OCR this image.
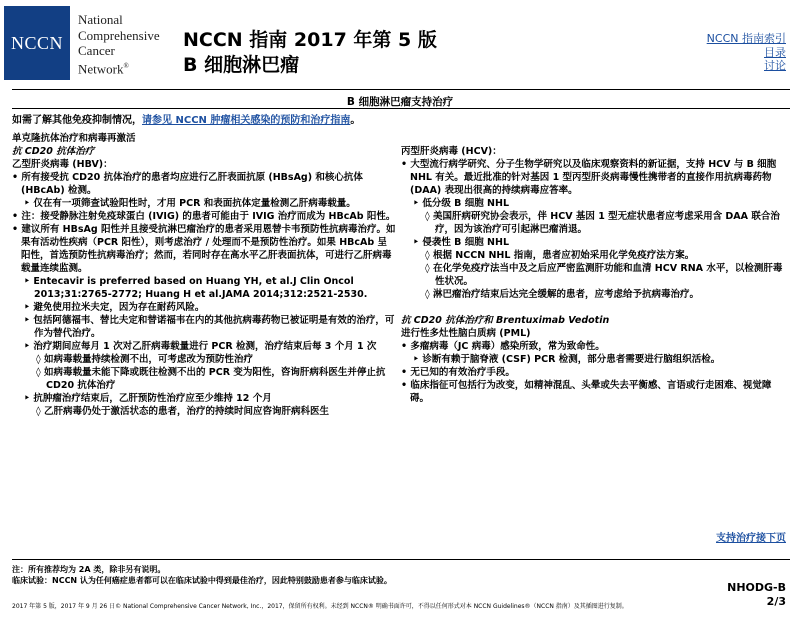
NCCN
National
Comprehensive
Cancer
Network®
NCCN 指南 2017 年第 5 版
B 细胞淋巴瘤
NCCN 指南索引
目录
讨论
B 细胞淋巴瘤支持治疗
如需了解其他免疫抑制情况，请参见 NCCN 肿瘤相关感染的预防和治疗指南。

单克隆抗体治疗和病毒再激活

抗 CD20 抗体治疗

乙型肝炎病毒 (HBV)：

• 所有接受抗 CD20 抗体治疗的患者均应进行乙肝表面抗原 (HBsAg) 和核心抗体 (HBcAb) 检测。

‣ 仅在有一项筛查试验阳性时，才用 PCR 和表面抗体定量检测乙肝病毒载量。

• 注：接受静脉注射免疫球蛋白 (IVIG) 的患者可能由于 IVIG 治疗而成为 HBcAb 阳性。

• 建议所有 HBsAg 阳性并且接受抗淋巴瘤治疗的患者采用恩替卡韦预防性抗病毒治疗。如果有活动性疾病（PCR 阳性），则考虑治疗 / 处理而不是预防性治疗。如果 HBcAb 呈阳性，首选预防性抗病毒治疗；然而，若同时存在高水平乙肝表面抗体，可进行乙肝病毒载量连续监测。

‣ Entecavir is preferred based on Huang YH, et al.J Clin Oncol 2013;31:2765-2772; Huang H et al.JAMA 2014;312:2521-2530.

‣ 避免使用拉米夫定，因为存在耐药风险。

‣ 包括阿德福韦、替比夫定和替诺福韦在内的其他抗病毒药物已被证明是有效的治疗，可作为替代治疗。

‣ 治疗期间应每月 1 次对乙肝病毒载量进行 PCR 检测，治疗结束后每 3 个月 1 次

◊ 如病毒载量持续检测不出，可考虑改为预防性治疗

◊ 如病毒载量未能下降或既往检测不出的 PCR 变为阳性，咨询肝病科医生并停止抗 CD20 抗体治疗

‣ 抗肿瘤治疗结束后，乙肝预防性治疗应至少维持 12 个月

◊ 乙肝病毒仍处于激活状态的患者，治疗的持续时间应咨询肝病科医生

丙型肝炎病毒 (HCV)：

• 大型流行病学研究、分子生物学研究以及临床观察资料的新证据，支持 HCV 与 B 细胞 NHL 有关。最近批准的针对基因 1 型丙型肝炎病毒慢性携带者的直接作用抗病毒药物 (DAA) 表现出很高的持续病毒应答率。

‣ 低分级 B 细胞 NHL

◊ 美国肝病研究协会表示，伴 HCV 基因 1 型无症状患者应考虑采用含 DAA 联合治疗，因为该治疗可引起淋巴瘤消退。

‣ 侵袭性 B 细胞 NHL

◊ 根据 NCCN NHL 指南，患者应初始采用化学免疫疗法方案。

◊ 在化学免疫疗法当中及之后应严密监测肝功能和血清 HCV RNA 水平，以检测肝毒性状况。

◊ 淋巴瘤治疗结束后达完全缓解的患者，应考虑给予抗病毒治疗。

抗 CD20 抗体治疗和 Brentuximab Vedotin

进行性多灶性脑白质病 (PML)

• 多瘤病毒（JC 病毒）感染所致，常为致命性。

‣ 诊断有赖于脑脊液 (CSF) PCR 检测，部分患者需要进行脑组织活检。

• 无已知的有效治疗手段。

• 临床指征可包括行为改变，如精神混乱、头晕或失去平衡感、言语或行走困难、视觉障碍。

支持治疗接下页
注：所有推荐均为 2A 类，除非另有说明。
临床试验：NCCN 认为任何癌症患者都可以在临床试验中得到最佳治疗，因此特别鼓励患者参与临床试验。
NHODG-B
2/3
2017 年第 5 版，2017 年 9 月 26 日© National Comprehensive Cancer Network, Inc.，2017，保留所有权利。未经到 NCCN® 明确书面许可，不得以任何形式对本 NCCN Guidelines®（NCCN 指南）及其插图进行复制。
